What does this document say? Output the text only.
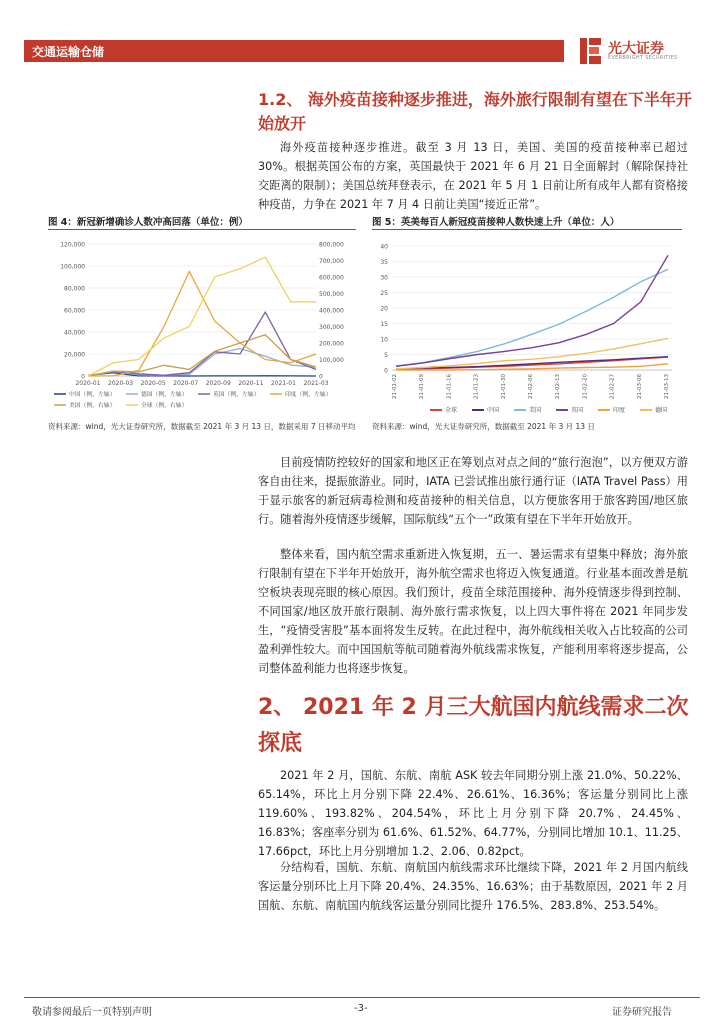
交通运输仓储	光大证券
EVERBRIGHT SECURITIES
1.2、 海外疫苗接种逐步推进，海外旅行限制有望在下半年开始放开
海外疫苗接种逐步推进。截至 3 月 13 日，美国、美国的疫苗接种率已超过 30%。根据英国公布的方案，英国最快于 2021 年 6 月 21 日全面解封（解除保持社交距离的限制）；美国总统拜登表示，在 2021 年 5 月 1 日前让所有成年人都有资格接种疫苗，力争在 2021 年 7 月 4 日前让美国“接近正常”。
图 4：新冠新增确诊人数冲高回落（单位：例）
0
20,000
40,000
60,000
80,000
100,000
120,000
0
100,000
200,000
300,000
400,000
500,000
600,000
700,000
800,000
2020-01 2020-03 2020-05 2020-07 2020-09 2020-11 2021-01 2021-03
中国（例，左轴）	德国（例，左轴）	英国（例，左轴）	印度（例，左轴）
美国（例，右轴）	全球（例，右轴）
资料来源：wind，光大证券研究所，数据截至 2021 年 3 月 13 日，数据采用 7 日移动平均
图 5：英美每百人新冠疫苗接种人数快速上升（单位：人）
0
5
10
15
20
25
30
35
40
21-01-02	21-01-09	21-01-16	21-01-23	21-01-30	21-02-06	21-02-13	21-02-20	21-02-27	21-03-06	21-03-13
全球	中国	美国	英国	印度	德国
资料来源：wind，光大证券研究所，数据截至 2021 年 3 月 13 日
目前疫情防控较好的国家和地区正在筹划点对点之间的“旅行泡泡”，以方便双方游客自由往来，提振旅游业。同时，IATA 已尝试推出旅行通行证（IATA Travel Pass）用于显示旅客的新冠病毒检测和疫苗接种的相关信息，以方便旅客用于旅客跨国/地区旅行。随着海外疫情逐步缓解，国际航线“五个一”政策有望在下半年开始放开。
整体来看，国内航空需求重新进入恢复期，五一、暑运需求有望集中释放；海外旅行限制有望在下半年开始放开，海外航空需求也将迈入恢复通道。行业基本面改善是航空板块表现亮眼的核心原因。我们预计，疫苗全球范围接种、海外疫情逐步得到控制、不同国家/地区放开旅行限制、海外旅行需求恢复，以上四大事件将在 2021 年同步发生，“疫情受害股”基本面将发生反转。在此过程中，海外航线相关收入占比较高的公司盈利弹性较大。而中国国航等航司随着海外航线需求恢复，产能利用率将逐步提高，公司整体盈利能力也将逐步恢复。
2、 2021 年 2 月三大航国内航线需求二次探底
2021 年 2 月，国航、东航、南航 ASK 较去年同期分别上涨 21.0%、50.22%、65.14%，环比上月分别下降 22.4%、26.61%、16.36%；客运量分别同比上涨 119.60%、193.82%、204.54%，环比上月分别下降 20.7%、24.45%、16.83%；客座率分别为 61.6%、61.52%、64.77%，分别同比增加 10.1、11.25、17.66pct，环比上月分别增加 1.2、2.06、0.82pct。
分结构看，国航、东航、南航国内航线需求环比继续下降，2021 年 2 月国内航线客运量分别环比上月下降 20.4%、24.35%、16.63%；由于基数原因，2021 年 2 月国航、东航、南航国内航线客运量分别同比提升 176.5%、283.8%、253.54%。
敬请参阅最后一页特别声明	-3-	证券研究报告
